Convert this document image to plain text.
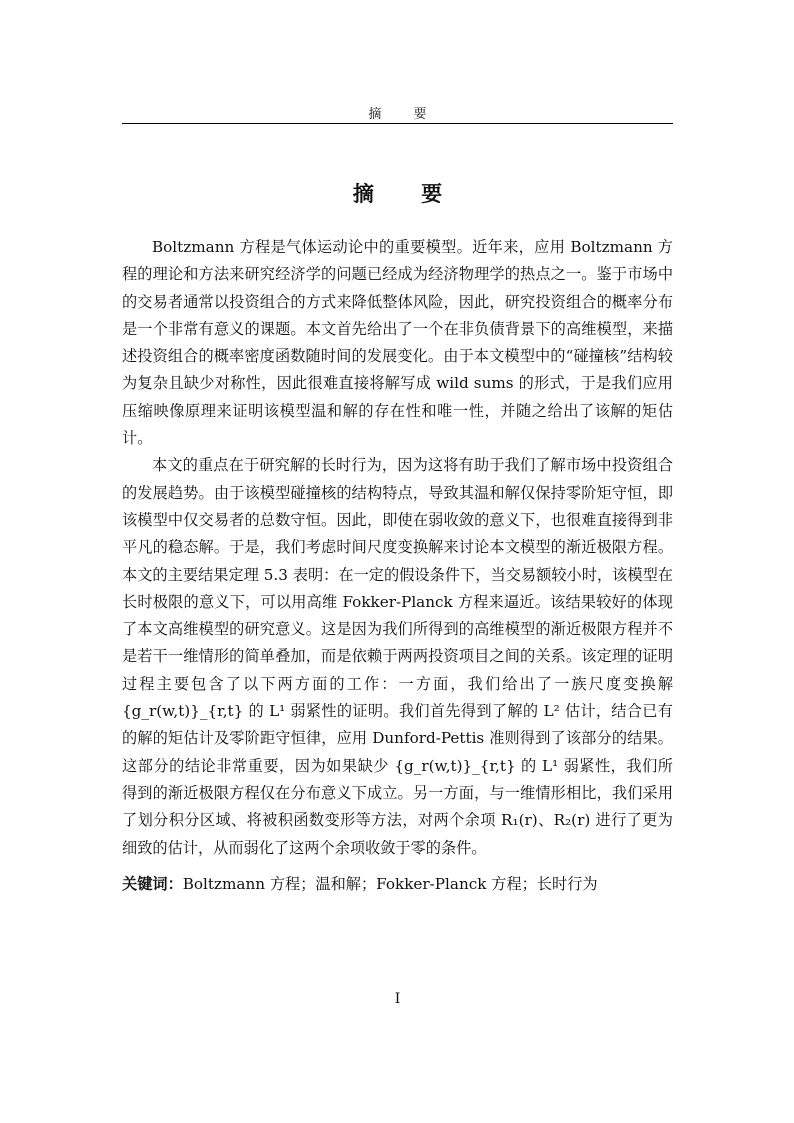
摘 要
摘 要

Boltzmann 方程是气体运动论中的重要模型。近年来，应用 Boltzmann 方程的理论和方法来研究经济学的问题已经成为经济物理学的热点之一。鉴于市场中的交易者通常以投资组合的方式来降低整体风险，因此，研究投资组合的概率分布是一个非常有意义的课题。本文首先给出了一个在非负债背景下的高维模型，来描述投资组合的概率密度函数随时间的发展变化。由于本文模型中的“碰撞核”结构较为复杂且缺少对称性，因此很难直接将解写成 wild sums 的形式，于是我们应用压缩映像原理来证明该模型温和解的存在性和唯一性，并随之给出了该解的矩估计。

本文的重点在于研究解的长时行为，因为这将有助于我们了解市场中投资组合的发展趋势。由于该模型碰撞核的结构特点，导致其温和解仅保持零阶矩守恒，即该模型中仅交易者的总数守恒。因此，即使在弱收敛的意义下，也很难直接得到非平凡的稳态解。于是，我们考虑时间尺度变换解来讨论本文模型的渐近极限方程。本文的主要结果定理 5.3 表明：在一定的假设条件下，当交易额较小时，该模型在长时极限的意义下，可以用高维 Fokker-Planck 方程来逼近。该结果较好的体现了本文高维模型的研究意义。这是因为我们所得到的高维模型的渐近极限方程并不是若干一维情形的简单叠加，而是依赖于两两投资项目之间的关系。该定理的证明过程主要包含了以下两方面的工作：一方面，我们给出了一族尺度变换解 {g_r(w,t)}_{r,t} 的 L¹ 弱紧性的证明。我们首先得到了解的 L² 估计，结合已有的解的矩估计及零阶距守恒律，应用 Dunford-Pettis 准则得到了该部分的结果。这部分的结论非常重要，因为如果缺少 {g_r(w,t)}_{r,t} 的 L¹ 弱紧性，我们所得到的渐近极限方程仅在分布意义下成立。另一方面，与一维情形相比，我们采用了划分积分区域、将被积函数变形等方法，对两个余项 R₁(r)、R₂(r) 进行了更为细致的估计，从而弱化了这两个余项收敛于零的条件。

关键词：Boltzmann 方程；温和解；Fokker-Planck 方程；长时行为

I
